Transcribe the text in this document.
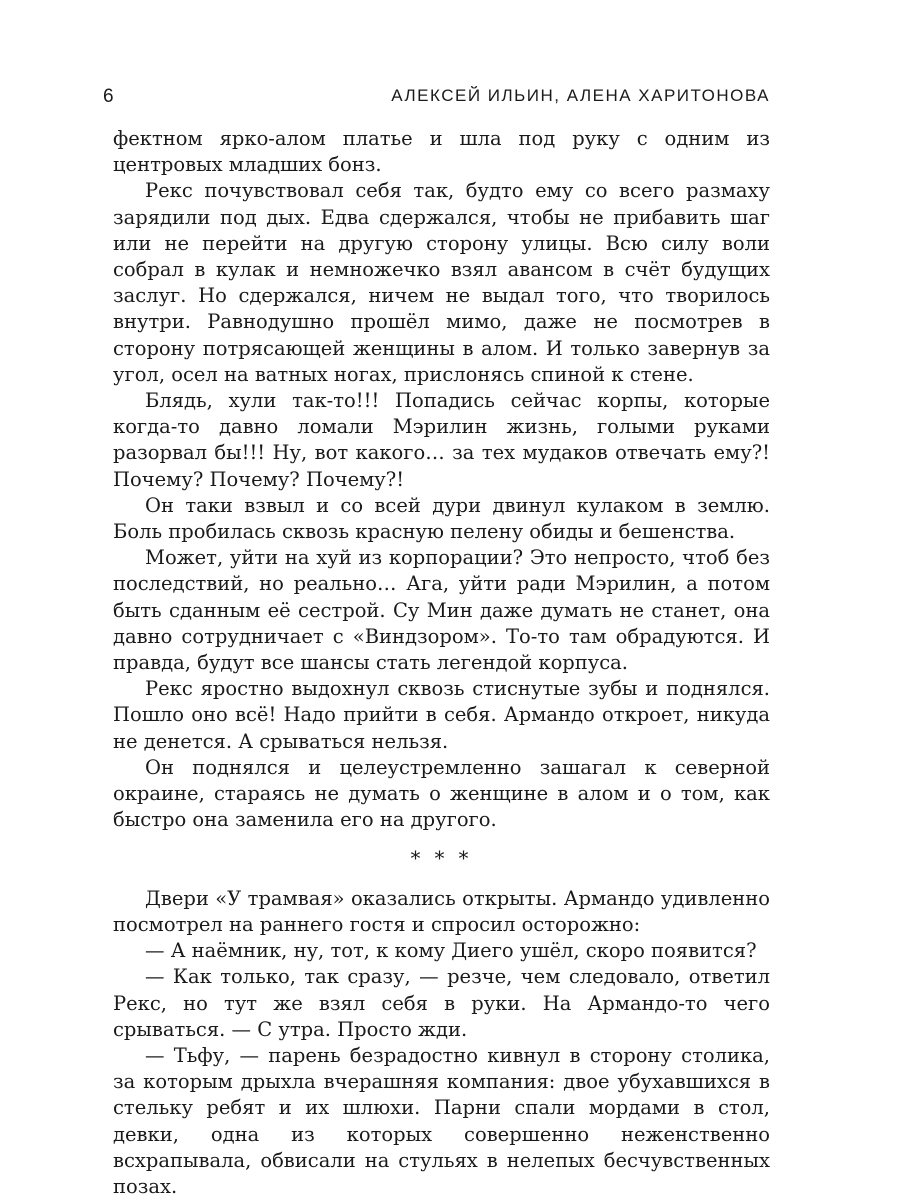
6	АЛЕКСЕЙ ИЛЬИН, АЛЕНА ХАРИТОНОВА

фектном ярко-алом платье и шла под руку с одним из центровых младших бонз.

Рекс почувствовал себя так, будто ему со всего размаху зарядили под дых. Едва сдержался, чтобы не прибавить шаг или не перейти на другую сторону улицы. Всю силу воли собрал в кулак и немножечко взял авансом в счёт будущих заслуг. Но сдержался, ничем не выдал того, что творилось внутри. Равнодушно прошёл мимо, даже не посмотрев в сторону потрясающей женщины в алом. И только завернув за угол, осел на ватных ногах, прислонясь спиной к стене.

Блядь, хули так-то!!! Попадись сейчас корпы, которые когда-то давно ломали Мэрилин жизнь, голыми руками разорвал бы!!! Ну, вот какого… за тех мудаков отвечать ему?! Почему? Почему? Почему?!

Он таки взвыл и со всей дури двинул кулаком в землю. Боль пробилась сквозь красную пелену обиды и бешенства.

Может, уйти на хуй из корпорации? Это непросто, чтоб без последствий, но реально… Ага, уйти ради Мэрилин, а потом быть сданным её сестрой. Су Мин даже думать не станет, она давно сотрудничает с «Виндзором». То-то там обрадуются. И правда, будут все шансы стать легендой корпуса.

Рекс яростно выдохнул сквозь стиснутые зубы и поднялся. Пошло оно всё! Надо прийти в себя. Армандо откроет, никуда не денется. А срываться нельзя.

Он поднялся и целеустремленно зашагал к северной окраине, стараясь не думать о женщине в алом и о том, как быстро она заменила его на другого.

* * *

Двери «У трамвая» оказались открыты. Армандо удивленно посмотрел на раннего гостя и спросил осторожно:

— А наёмник, ну, тот, к кому Диего ушёл, скоро появится?

— Как только, так сразу, — резче, чем следовало, ответил Рекс, но тут же взял себя в руки. На Армандо-то чего срываться. — С утра. Просто жди.

— Тьфу, — парень безрадостно кивнул в сторону столика, за которым дрыхла вчерашняя компания: двое убухавшихся в стельку ребят и их шлюхи. Парни спали мордами в стол, девки, одна из которых совершенно неженственно всхрапывала, обвисали на стульях в нелепых бесчувственных позах.
